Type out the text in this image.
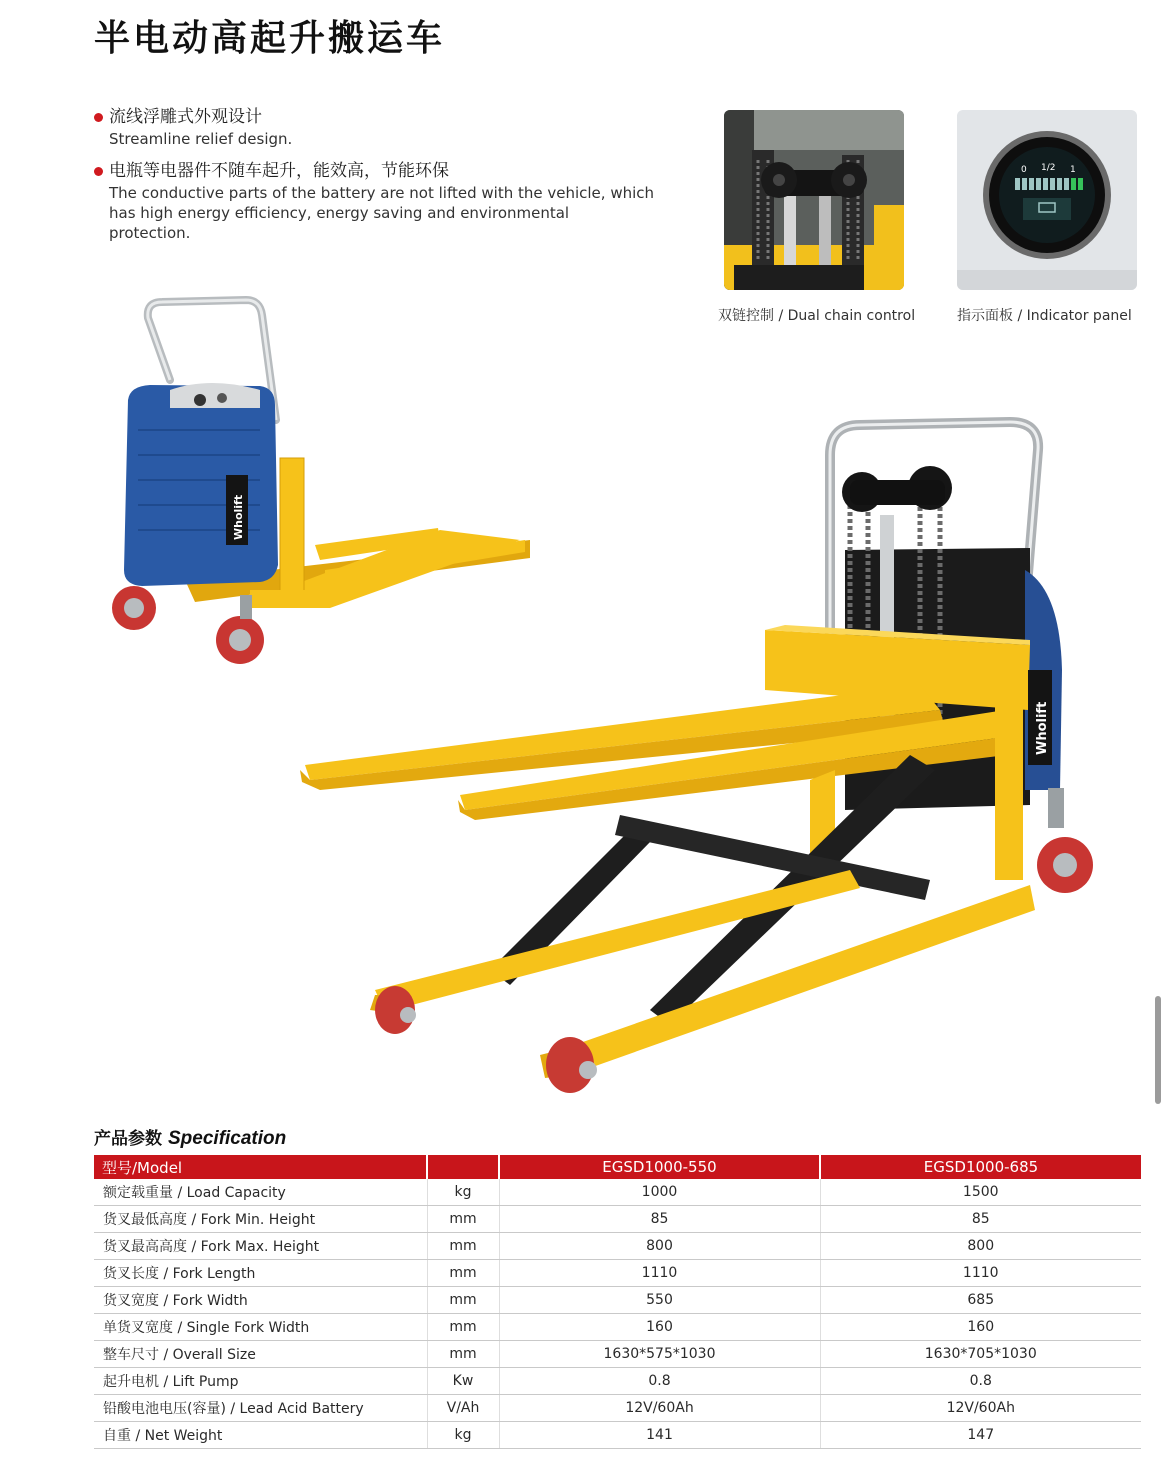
半电动高起升搬运车
流线浮雕式外观设计
Streamline relief design.
电瓶等电器件不随车起升，能效高，节能环保
The conductive parts of the battery are not lifted with the vehicle, which has high energy efficiency, energy saving and environmental protection.
双链控制 / Dual chain control
0 1/2 1
指示面板 / Indicator panel
Wholift
Wholift
产品参数 Specification
型号/Model		EGSD1000-550	EGSD1000-685
额定载重量 / Load Capacity	kg	1000	1500
货叉最低高度 / Fork Min. Height	mm	85	85
货叉最高高度 / Fork Max. Height	mm	800	800
货叉长度 / Fork Length	mm	1110	1110
货叉宽度 / Fork Width	mm	550	685
单货叉宽度 / Single Fork Width	mm	160	160
整车尺寸 / Overall Size	mm	1630*575*1030	1630*705*1030
起升电机 / Lift Pump	Kw	0.8	0.8
铅酸电池电压(容量) / Lead Acid Battery	V/Ah	12V/60Ah	12V/60Ah
自重 / Net Weight	kg	141	147
